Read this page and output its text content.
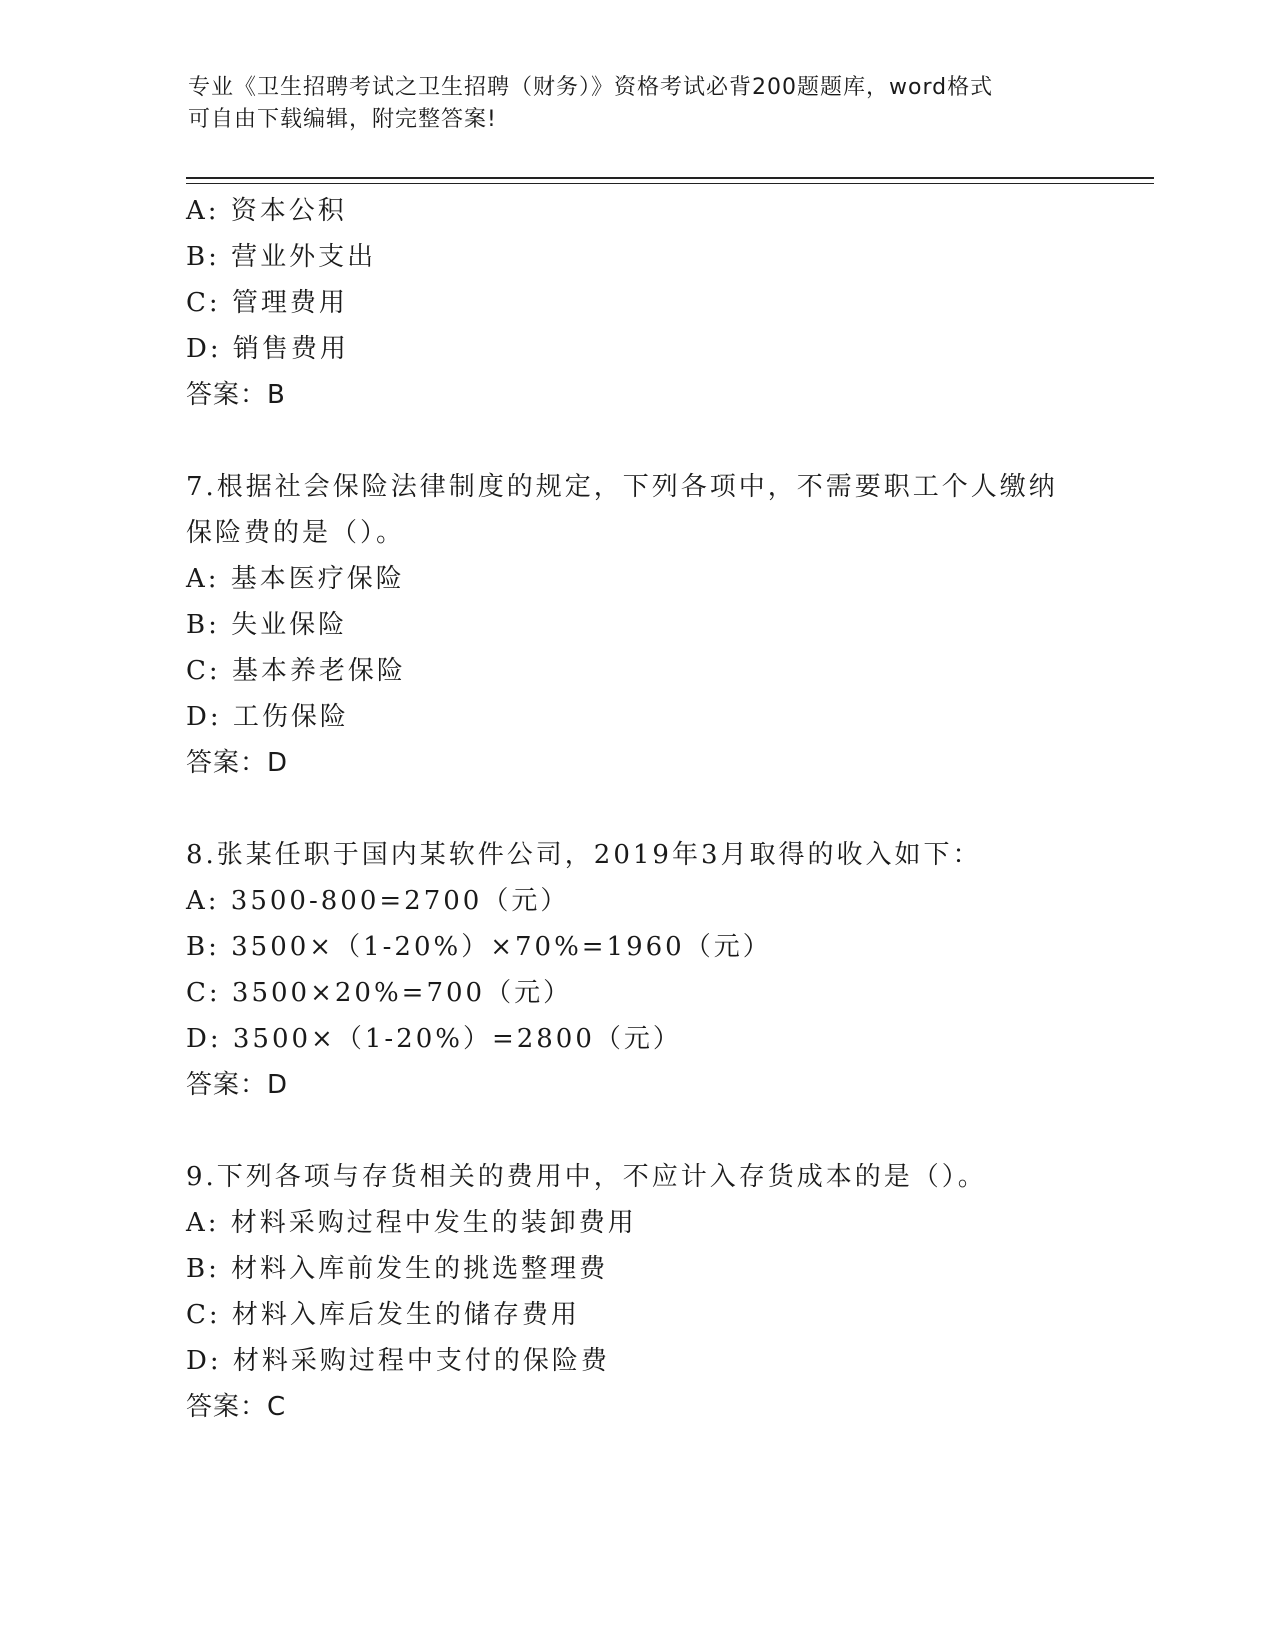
专业《卫生招聘考试之卫生招聘（财务）》资格考试必背200题题库，word格式
可自由下载编辑，附完整答案!
A: 资本公积
B: 营业外支出
C: 管理费用
D: 销售费用
答案：B
7.根据社会保险法律制度的规定，下列各项中，不需要职工个人缴纳
保险费的是（）。
A: 基本医疗保险
B: 失业保险
C: 基本养老保险
D: 工伤保险
答案：D
8.张某任职于国内某软件公司，2019年3月取得的收入如下：
A: 3500-800=2700（元）
B: 3500×（1-20%）×70%=1960（元）
C: 3500×20%=700（元）
D: 3500×（1-20%）=2800（元）
答案：D
9.下列各项与存货相关的费用中，不应计入存货成本的是（）。
A: 材料采购过程中发生的装卸费用
B: 材料入库前发生的挑选整理费
C: 材料入库后发生的储存费用
D: 材料采购过程中支付的保险费
答案：C
